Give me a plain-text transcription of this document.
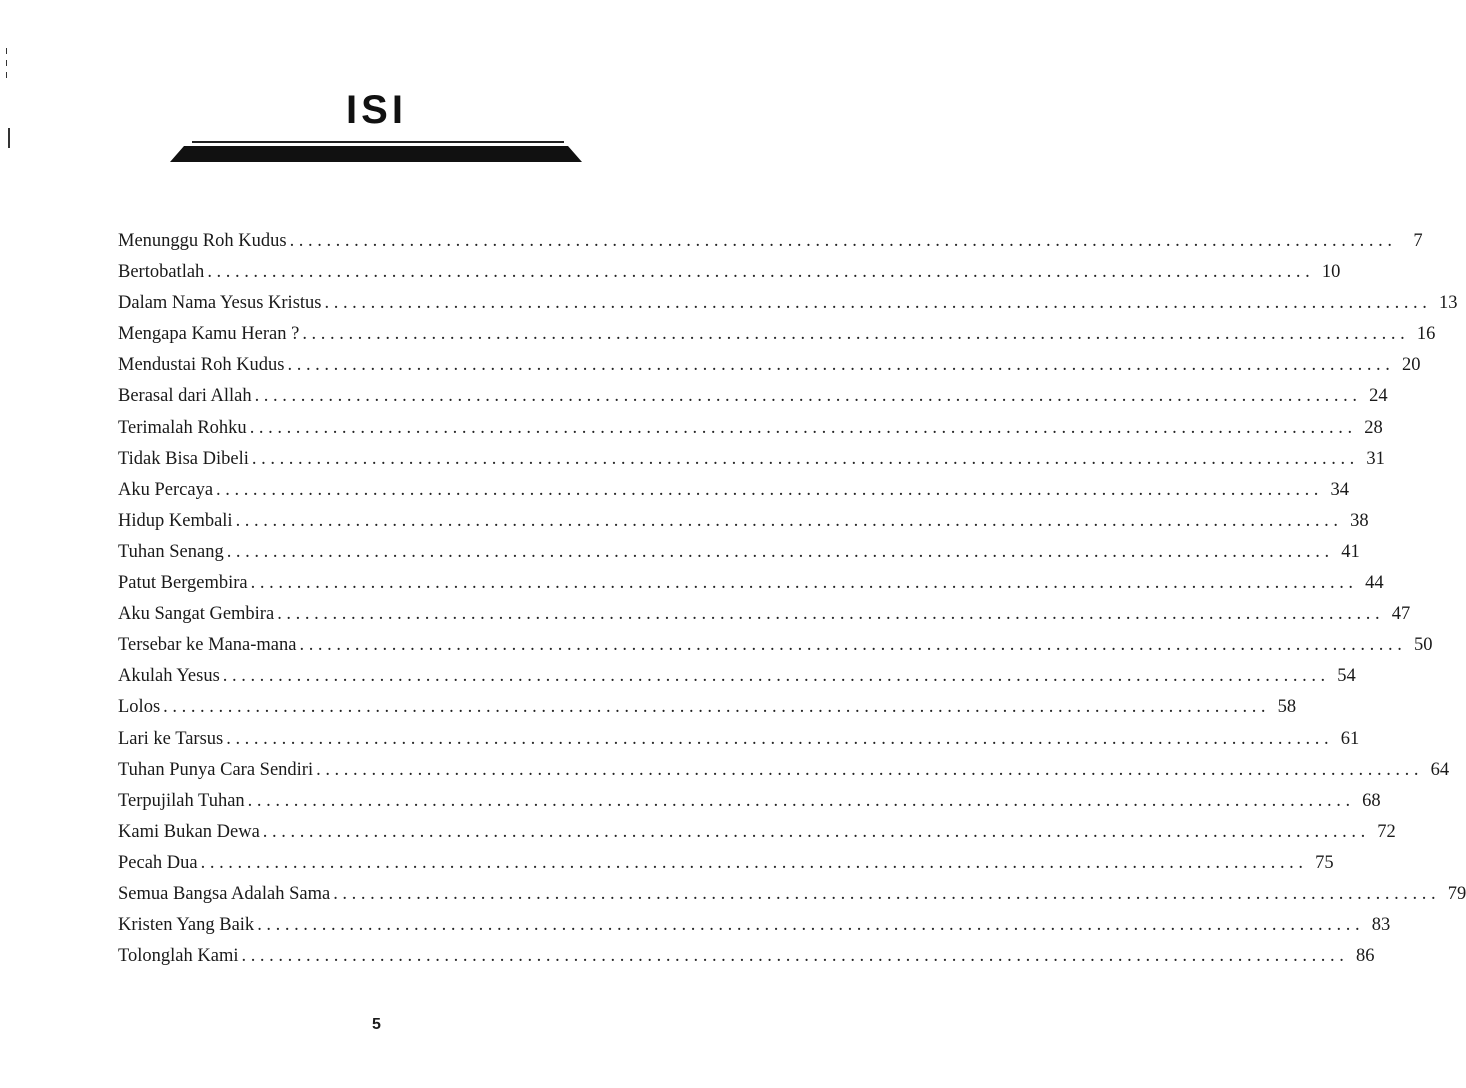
ISI
Menunggu Roh Kudus ........................................................................................................................ 7
Bertobatlah ........................................................................................................................ 10
Dalam Nama Yesus Kristus ........................................................................................................................ 13
Mengapa Kamu Heran ? ........................................................................................................................ 16
Mendustai Roh Kudus ........................................................................................................................ 20
Berasal dari Allah ........................................................................................................................ 24
Terimalah Rohku ........................................................................................................................ 28
Tidak Bisa Dibeli ........................................................................................................................ 31
Aku Percaya ........................................................................................................................ 34
Hidup Kembali ........................................................................................................................ 38
Tuhan Senang ........................................................................................................................ 41
Patut Bergembira ........................................................................................................................ 44
Aku Sangat Gembira ........................................................................................................................ 47
Tersebar ke Mana-mana ........................................................................................................................ 50
Akulah Yesus ........................................................................................................................ 54
Lolos ........................................................................................................................ 58
Lari ke Tarsus ........................................................................................................................ 61
Tuhan Punya Cara Sendiri ........................................................................................................................ 64
Terpujilah Tuhan ........................................................................................................................ 68
Kami Bukan Dewa ........................................................................................................................ 72
Pecah Dua ........................................................................................................................ 75
Semua Bangsa Adalah Sama ........................................................................................................................ 79
Kristen Yang Baik ........................................................................................................................ 83
Tolonglah Kami ........................................................................................................................ 86
5
